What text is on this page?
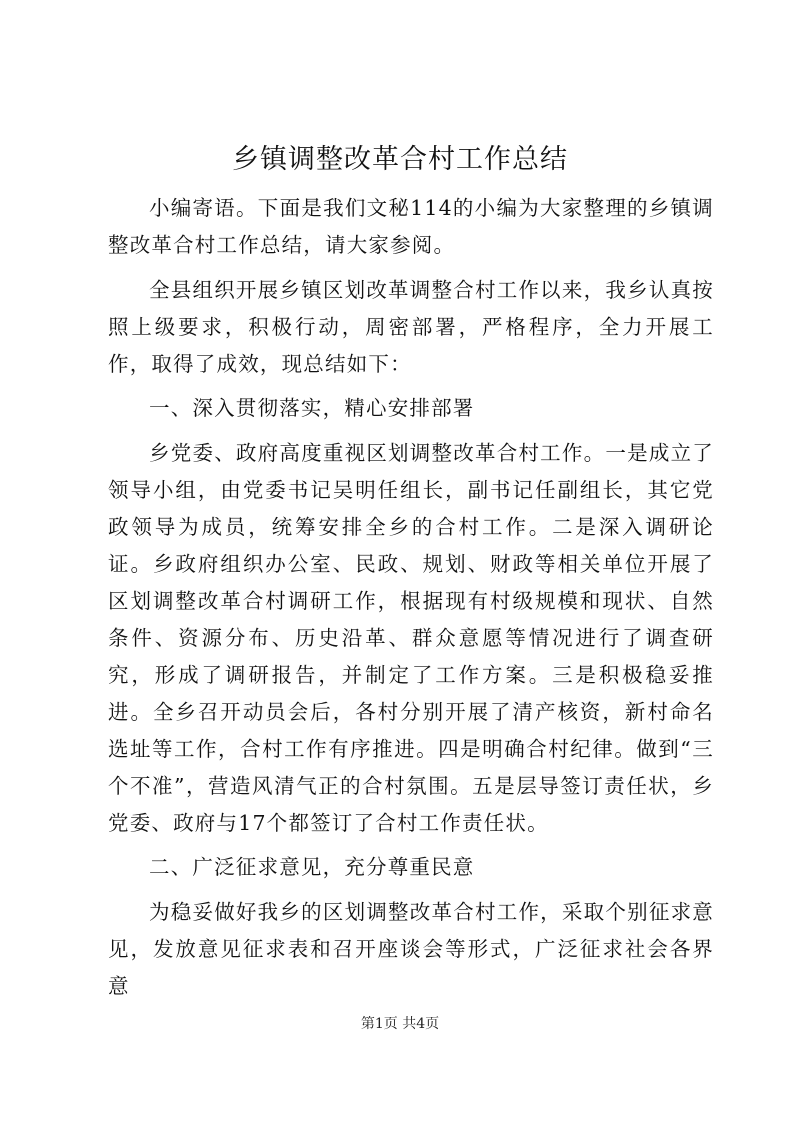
乡镇调整改革合村工作总结

小编寄语。下面是我们文秘114的小编为大家整理的乡镇调整改革合村工作总结，请大家参阅。

全县组织开展乡镇区划改革调整合村工作以来，我乡认真按照上级要求，积极行动，周密部署，严格程序，全力开展工作，取得了成效，现总结如下：

一、深入贯彻落实，精心安排部署

乡党委、政府高度重视区划调整改革合村工作。一是成立了领导小组，由党委书记吴明任组长，副书记任副组长，其它党政领导为成员，统筹安排全乡的合村工作。二是深入调研论证。乡政府组织办公室、民政、规划、财政等相关单位开展了区划调整改革合村调研工作，根据现有村级规模和现状、自然条件、资源分布、历史沿革、群众意愿等情况进行了调查研究，形成了调研报告，并制定了工作方案。三是积极稳妥推进。全乡召开动员会后，各村分别开展了清产核资，新村命名选址等工作，合村工作有序推进。四是明确合村纪律。做到“三个不准”，营造风清气正的合村氛围。五是层导签订责任状，乡党委、政府与17个都签订了合村工作责任状。

二、广泛征求意见，充分尊重民意

为稳妥做好我乡的区划调整改革合村工作，采取个别征求意见，发放意见征求表和召开座谈会等形式，广泛征求社会各界意

第1页 共4页
